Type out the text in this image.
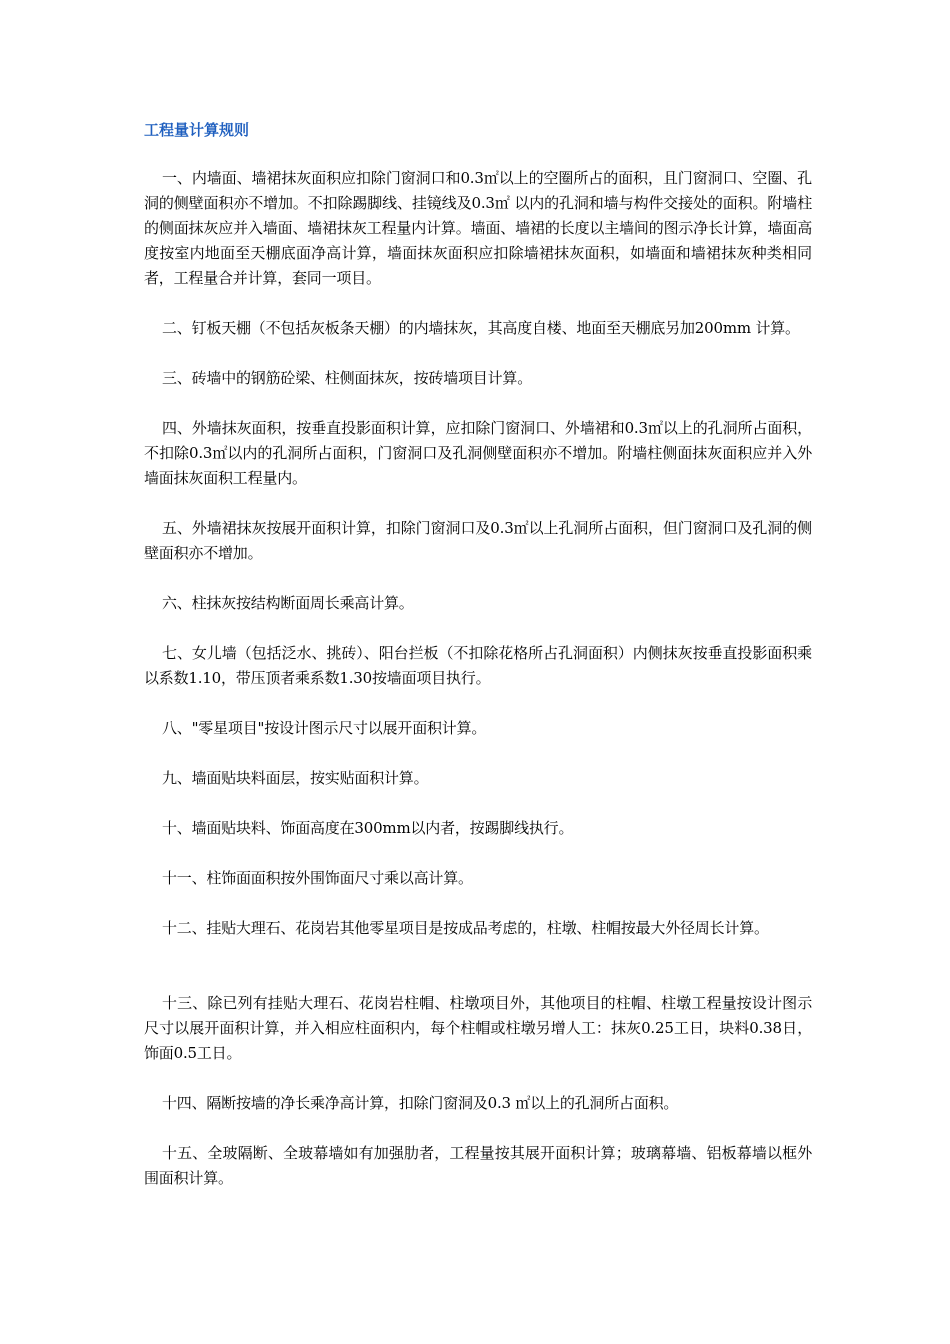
工程量计算规则

一、内墙面、墙裙抹灰面积应扣除门窗洞口和0.3㎡以上的空圈所占的面积，且门窗洞口、空圈、孔洞的侧壁面积亦不增加。不扣除踢脚线、挂镜线及0.3㎡ 以内的孔洞和墙与构件交接处的面积。附墙柱的侧面抹灰应并入墙面、墙裙抹灰工程量内计算。墙面、墙裙的长度以主墙间的图示净长计算，墙面高度按室内地面至天棚底面净高计算，墙面抹灰面积应扣除墙裙抹灰面积，如墙面和墙裙抹灰种类相同者，工程量合并计算，套同一项目。

二、钉板天棚（不包括灰板条天棚）的内墙抹灰，其高度自楼、地面至天棚底另加200mm 计算。

三、砖墙中的钢筋砼梁、柱侧面抹灰，按砖墙项目计算。

四、外墙抹灰面积，按垂直投影面积计算，应扣除门窗洞口、外墙裙和0.3㎡以上的孔洞所占面积，不扣除0.3㎡以内的孔洞所占面积，门窗洞口及孔洞侧壁面积亦不增加。附墙柱侧面抹灰面积应并入外墙面抹灰面积工程量内。

五、外墙裙抹灰按展开面积计算，扣除门窗洞口及0.3㎡以上孔洞所占面积，但门窗洞口及孔洞的侧壁面积亦不增加。

六、柱抹灰按结构断面周长乘高计算。

七、女儿墙（包括泛水、挑砖）、阳台拦板（不扣除花格所占孔洞面积）内侧抹灰按垂直投影面积乘以系数1.10，带压顶者乘系数1.30按墙面项目执行。

八、"零星项目"按设计图示尺寸以展开面积计算。

九、墙面贴块料面层，按实贴面积计算。

十、墙面贴块料、饰面高度在300mm以内者，按踢脚线执行。

十一、柱饰面面积按外围饰面尺寸乘以高计算。

十二、挂贴大理石、花岗岩其他零星项目是按成品考虑的，柱墩、柱帽按最大外径周长计算。

十三、除已列有挂贴大理石、花岗岩柱帽、柱墩项目外，其他项目的柱帽、柱墩工程量按设计图示尺寸以展开面积计算，并入相应柱面积内，每个柱帽或柱墩另增人工：抹灰0.25工日，块料0.38日，饰面0.5工日。

十四、隔断按墙的净长乘净高计算，扣除门窗洞及0.3 ㎡以上的孔洞所占面积。

十五、全玻隔断、全玻幕墙如有加强肋者，工程量按其展开面积计算；玻璃幕墙、铝板幕墙以框外围面积计算。
